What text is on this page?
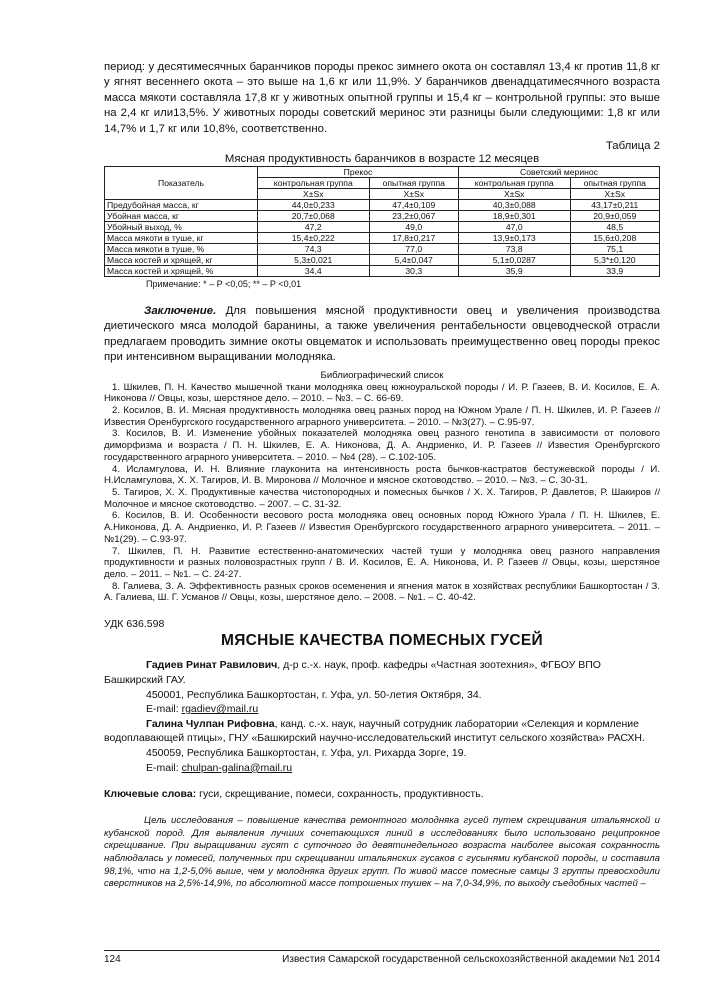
период: у десятимесячных баранчиков породы прекос зимнего окота он составлял 13,4 кг против 11,8 кг у ягнят весеннего окота – это выше на 1,6 кг или 11,9%. У баранчиков двенадцатимесячного возраста масса мякоти составляла 17,8 кг у животных опытной группы и 15,4 кг – контрольной группы: это выше на 2,4 кг или13,5%. У животных породы советский меринос эти разницы были следующими: 1,8 кг или 14,7% и 1,7 кг или 10,8%, соответственно.

Таблица 2
Мясная продуктивность баранчиков в возрасте 12 месяцев
Показатель	Прекос		Советский меринос	
	контрольная группа	опытная группа	контрольная группа	опытная группа
	X±Sx	X±Sx	X±Sx	X±Sx
Предубойная масса, кг	44,0±0,233	47,4±0,109	40,3±0,088	43,17±0,211
Убойная масса, кг	20,7±0,068	23,2±0,067	18,9±0,301	20,9±0,059
Убойный выход, %	47,2	49,0	47,0	48,5
Масса мякоти в туше, кг	15,4±0,222	17,8±0,217	13,9±0,173	15,6±0,208
Масса мякоти в туше, %	74,3	77,0	73,8	75,1
Масса костей и хрящей, кг	5,3±0,021	5,4±0,047	5,1±0,0287	5,3*±0,120
Масса костей и хрящей, %	34,4	30,3	35,9	33,9
Примечание: * – Р <0,05; ** – Р <0,01

Заключение. Для повышения мясной продуктивности овец и увеличения производства диетического мяса молодой баранины, а также увеличения рентабельности овцеводческой отрасли предлагаем проводить зимние окоты овцематок и использовать преимущественно овец породы прекос при интенсивном выращивании молодняка.

Библиографический список

1. Шкилев, П. Н. Качество мышечной ткани молодняка овец южноуральской породы / И. Р. Газеев, В. И. Косилов, Е. А. Никонова // Овцы, козы, шерстяное дело. – 2010. – №3. – С. 66-69.

2. Косилов, В. И. Мясная продуктивность молодняка овец разных пород на Южном Урале / П. Н. Шкилев, И. Р. Газеев // Известия Оренбургского государственного аграрного университета. – 2010. – №3(27). – С.95-97.

3. Косилов, В. И. Изменение убойных показателей молодняка овец разного генотипа в зависимости от полового диморфизма и возраста / П. Н. Шкилев, Е. А. Никонова, Д. А. Андриенко, И. Р. Газеев // Известия Оренбургского государственного аграрного университета. – 2010. – №4 (28). – С.102-105.

4. Исламгулова, И. Н. Влияние глауконита на интенсивность роста бычков-кастратов бестужевской породы / И. Н.Исламгулова, Х. Х. Тагиров, И. В. Миронова // Молочное и мясное скотоводство. – 2010. – №3. – С. 30-31.

5. Тагиров, Х. Х. Продуктивные качества чистопородных и помесных бычков / Х. Х. Тагиров, Р. Давлетов, Р. Шакиров // Молочное и мясное скотоводство. – 2007. – С. 31-32.

6. Косилов, В. И. Особенности весового роста молодняка овец основных пород Южного Урала / П. Н. Шкилев, Е. А.Никонова, Д. А. Андриенко, И. Р. Газеев // Известия Оренбургского государственного аграрного университета. – 2011. – №1(29). – С.93-97.

7. Шкилев, П. Н. Развитие естественно-анатомических частей туши у молодняка овец разного направления продуктивности и разных половозрастных групп / В. И. Косилов, Е. А. Никонова, И. Р. Газеев // Овцы, козы, шерстяное дело. – 2011. – №1. – С. 24-27.

8. Галиева, З. А. Эффективность разных сроков осеменения и ягнения маток в хозяйствах республики Башкортостан / З. А. Галиева, Ш. Г. Усманов // Овцы, козы, шерстяное дело. – 2008. – №1. – С. 40-42.

УДК 636.598
МЯСНЫЕ КАЧЕСТВА ПОМЕСНЫХ ГУСЕЙ

Гадиев Ринат Равилович, д-р с.-х. наук, проф. кафедры «Частная зоотехния», ФГБОУ ВПО Башкирский ГАУ.

450001, Республика Башкортостан, г. Уфа, ул. 50-летия Октября, 34.

E-mail: rgadiev@mail.ru

Галина Чулпан Рифовна, канд. с.-х. наук, научный сотрудник лаборатории «Селекция и кормление водоплавающей птицы», ГНУ «Башкирский научно-исследовательский институт сельского хозяйства» РАСХН.

450059, Республика Башкортостан, г. Уфа, ул. Рихарда Зорге, 19.

E-mail: chulpan-galina@mail.ru

Ключевые слова: гуси, скрещивание, помеси, сохранность, продуктивность.

Цель исследования – повышение качества ремонтного молодняка гусей путем скрещивания итальянской и кубанской пород. Для выявления лучших сочетающихся линий в исследованиях было использовано реципрокное скрещивание. При выращивании гусят с суточного до девятинедельного возраста наиболее высокая сохранность наблюдалась у помесей, полученных при скрещивании итальянских гусаков с гусынями кубанской породы, и составила 98,1%, что на 1,2-5,0% выше, чем у молодняка других групп. По живой массе помесные самцы 3 группы превосходили сверстников на 2,5%-14,9%, по абсолютной массе потрошеных тушек – на 7,0-34,9%, по выходу съедобных частей –

124	Известия Самарской государственной сельскохозяйственной академии №1 2014
